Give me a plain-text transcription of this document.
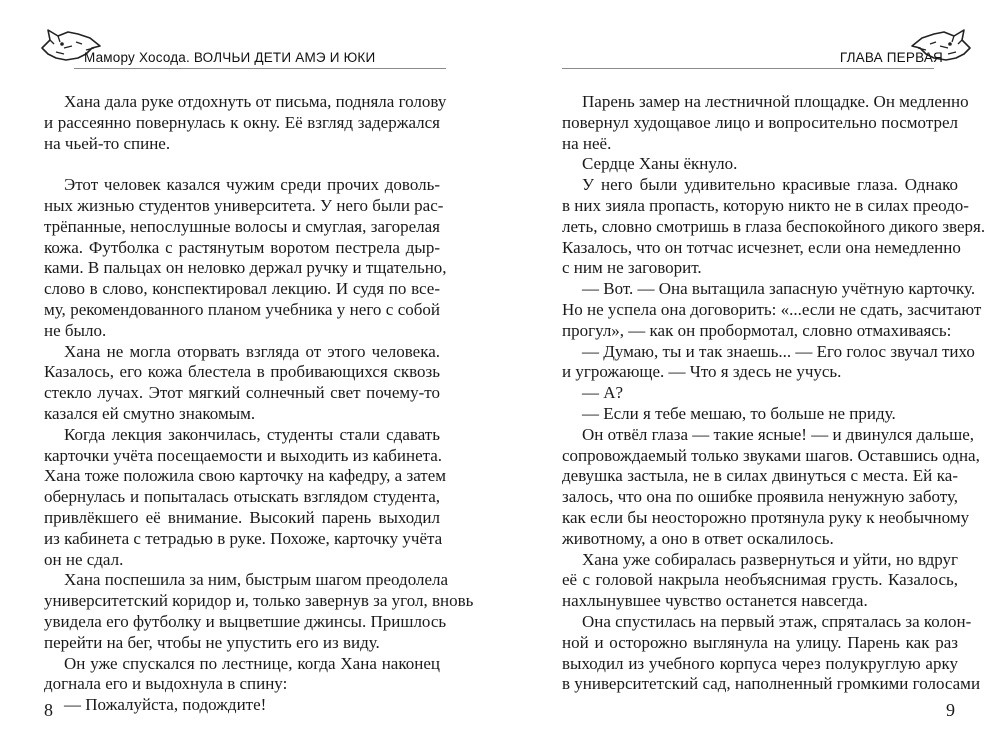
Мамору Хосода. ВОЛЧЬИ ДЕТИ АМЭ И ЮКИ
Хана дала руке отдохнуть от письма, подняла голову
и рассеянно повернулась к окну. Её взгляд задержался
на чьей-то спине.
Этот человек казался чужим среди прочих доволь-
ных жизнью студентов университета. У него были рас-
трёпанные, непослушные волосы и смуглая, загорелая
кожа. Футболка с растянутым воротом пестрела дыр-
ками. В пальцах он неловко держал ручку и тщательно,
слово в слово, конспектировал лекцию. И судя по все-
му, рекомендованного планом учебника у него с собой
не было.
Хана не могла оторвать взгляда от этого человека.
Казалось, его кожа блестела в пробивающихся сквозь
стекло лучах. Этот мягкий солнечный свет почему-то
казался ей смутно знакомым.
Когда лекция закончилась, студенты стали сдавать
карточки учёта посещаемости и выходить из кабинета.
Хана тоже положила свою карточку на кафедру, а затем
обернулась и попыталась отыскать взглядом студента,
привлёкшего её внимание. Высокий парень выходил
из кабинета с тетрадью в руке. Похоже, карточку учёта
он не сдал.
Хана поспешила за ним, быстрым шагом преодолела
университетский коридор и, только завернув за угол, вновь
увидела его футболку и выцветшие джинсы. Пришлось
перейти на бег, чтобы не упустить его из виду.
Он уже спускался по лестнице, когда Хана наконец
догнала его и выдохнула в спину:
— Пожалуйста, подождите!
8
ГЛАВА ПЕРВАЯ
Парень замер на лестничной площадке. Он медленно
повернул худощавое лицо и вопросительно посмотрел
на неё.
Сердце Ханы ёкнуло.
У него были удивительно красивые глаза. Однако
в них зияла пропасть, которую никто не в силах преодо-
леть, словно смотришь в глаза беспокойного дикого зверя.
Казалось, что он тотчас исчезнет, если она немедленно
с ним не заговорит.
— Вот. — Она вытащила запасную учётную карточку.
Но не успела она договорить: «...если не сдать, засчитают
прогул», — как он пробормотал, словно отмахиваясь:
— Думаю, ты и так знаешь... — Его голос звучал тихо
и угрожающе. — Что я здесь не учусь.
— А?
— Если я тебе мешаю, то больше не приду.
Он отвёл глаза — такие ясные! — и двинулся дальше,
сопровождаемый только звуками шагов. Оставшись одна,
девушка застыла, не в силах двинуться с места. Ей ка-
залось, что она по ошибке проявила ненужную заботу,
как если бы неосторожно протянула руку к необычному
животному, а оно в ответ оскалилось.
Хана уже собиралась развернуться и уйти, но вдруг
её с головой накрыла необъяснимая грусть. Казалось,
нахлынувшее чувство останется навсегда.
Она спустилась на первый этаж, спряталась за колон-
ной и осторожно выглянула на улицу. Парень как раз
выходил из учебного корпуса через полукруглую арку
в университетский сад, наполненный громкими голосами
9
